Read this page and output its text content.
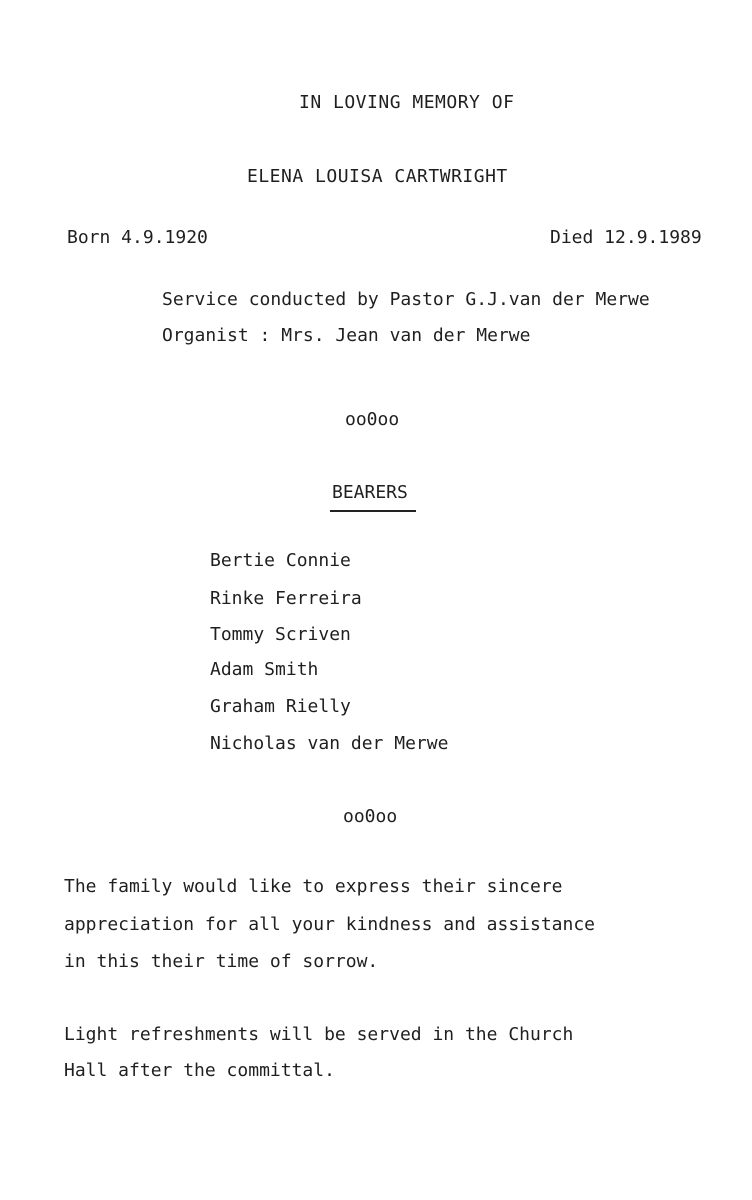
IN LOVING MEMORY OF
ELENA LOUISA CARTWRIGHT
Born 4.9.1920	Died 12.9.1989
Service conducted by Pastor G.J.van der Merwe
Organist : Mrs. Jean van der Merwe
oo0oo
BEARERS
Bertie Connie
Rinke Ferreira
Tommy Scriven
Adam Smith
Graham Rielly
Nicholas van der Merwe
oo0oo
The family would like to express their sincere
appreciation for all your kindness and assistance
in this their time of sorrow.
Light refreshments will be served in the Church
Hall after the committal.
